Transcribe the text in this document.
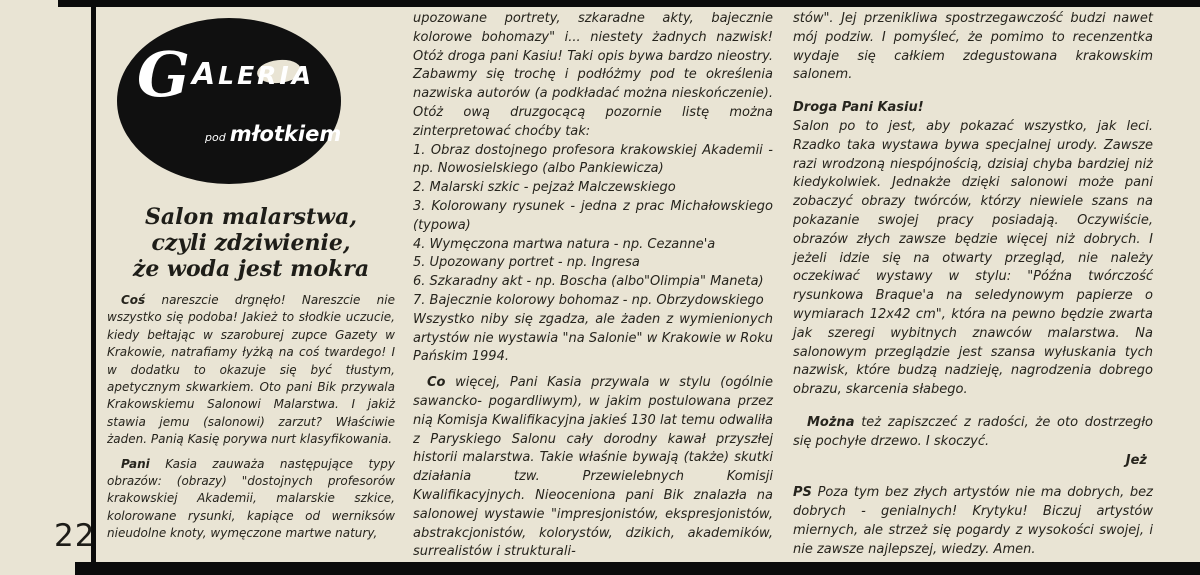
22
GA LERIA
pod młotkiem
Salon malarstwa,
czyli zdziwienie,
że woda jest mokra

Coś nareszcie drgnęło! Nareszcie nie wszystko się podoba! Jakież to słodkie uczucie, kiedy bełtając w szaroburej zupce Gazety w Krakowie, natrafiamy łyżką na coś twardego! I w dodatku to okazuje się być tłustym, apetycznym skwarkiem. Oto pani Bik przywala Krakowskiemu Salonowi Malarstwa. I jakiż stawia jemu (salonowi) zarzut? Właściwie żaden. Panią Kasię porywa nurt klasyfikowania.

Pani Kasia zauważa następujące typy obrazów: (obrazy) "dostojnych profesorów krakowskiej Akademii, malarskie szkice, kolorowane rysunki, kapiące od werniksów nieudolne knoty, wymęczone martwe natury,

upozowane portrety, szkaradne akty, bajecznie kolorowe bohomazy" i... niestety żadnych nazwisk! Otóż droga pani Kasiu! Taki opis bywa bardzo nieostry. Zabawmy się trochę i podłóżmy pod te określenia nazwiska autorów (a podkładać można nieskończenie). Otóż ową druzgocącą pozornie listę można zinterpretować choćby tak:

1. Obraz dostojnego profesora krakowskiej Akademii - np. Nowosielskiego (albo Pankiewicza)

2. Malarski szkic - pejzaż Malczewskiego

3. Kolorowany rysunek - jedna z prac Michałowskiego (typowa)

4. Wymęczona martwa natura - np. Cezanne'a

5. Upozowany portret - np. Ingresa

6. Szkaradny akt - np. Boscha (albo"Olimpia" Maneta)

7. Bajecznie kolorowy bohomaz - np. Obrzydowskiego

Wszystko niby się zgadza, ale żaden z wymienionych artystów nie wystawia "na Salonie" w Krakowie w Roku Pańskim 1994.

Co więcej, Pani Kasia przywala w stylu (ogólnie sawancko- pogardliwym), w jakim postulowana przez nią Komisja Kwalifikacyjna jakieś 130 lat temu odwaliła z Paryskiego Salonu cały dorodny kawał przyszłej historii malarstwa. Takie właśnie bywają (także) skutki działania tzw. Przewielebnych Komisji Kwalifikacyjnych. Nieoceniona pani Bik znalazła na salonowej wystawie "impresjonistów, ekspresjonistów, abstrakcjonistów, kolorystów, dzikich, akademików, surrealistów i strukturali-

stów". Jej przenikliwa spostrzegawczość budzi nawet mój podziw. I pomyśleć, że pomimo to recenzentka wydaje się całkiem zdegustowana krakowskim salonem.

Droga Pani Kasiu!

Salon po to jest, aby pokazać wszystko, jak leci. Rzadko taka wystawa bywa specjalnej urody. Zawsze razi wrodzoną niespójnością, dzisiaj chyba bardziej niż kiedykolwiek. Jednakże dzięki salonowi może pani zobaczyć obrazy twórców, którzy niewiele szans na pokazanie swojej pracy posiadają. Oczywiście, obrazów złych zawsze będzie więcej niż dobrych. I jeżeli idzie się na otwarty przegląd, nie należy oczekiwać wystawy w stylu: "Późna twórczość rysunkowa Braque'a na seledynowym papierze o wymiarach 12x42 cm", która na pewno będzie zwarta jak szeregi wybitnych znawców malarstwa. Na salonowym przeglądzie jest szansa wyłuskania tych nazwisk, które budzą nadzieję, nagrodzenia dobrego obrazu, skarcenia słabego.

Można też zapiszczeć z radości, że oto dostrzegło się pochyłe drzewo. I skoczyć.

Jeż

PS Poza tym bez złych artystów nie ma dobrych, bez dobrych - genialnych! Krytyku! Biczuj artystów miernych, ale strzeż się pogardy z wysokości swojej, i nie zawsze najlepszej, wiedzy. Amen.
